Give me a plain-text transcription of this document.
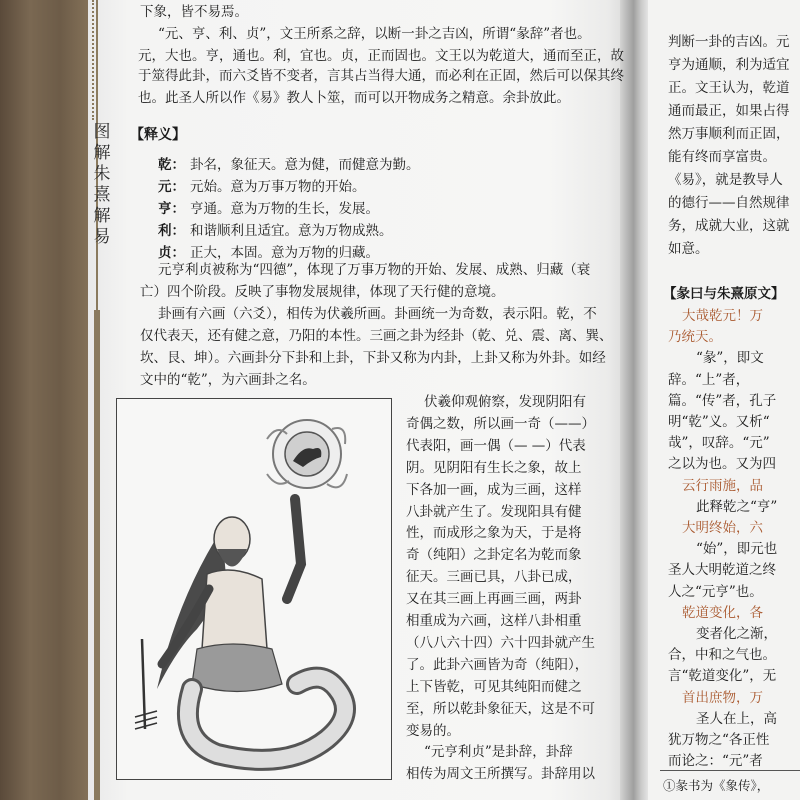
图
解
朱
熹
解
易
下象，皆不易焉。
“元、亨、利、贞”，文王所系之辞，以断一卦之吉凶，所谓“彖辞”者也。
元，大也。亨，通也。利，宜也。贞，正而固也。文王以为乾道大，通而至正，故
于筮得此卦，而六爻皆不变者，言其占当得大通，而必利在正固，然后可以保其终
也。此圣人所以作《易》教人卜筮，而可以开物成务之精意。余卦放此。
【释义】
乾： 卦名，象征天。意为健，而健意为勤。
元： 元始。意为万事万物的开始。
亨： 亨通。意为万物的生长，发展。
利： 和谐顺利且适宜。意为万物成熟。
贞： 正大，本固。意为万物的归藏。
元亨利贞被称为“四德”，体现了万事万物的开始、发展、成熟、归藏（衰
亡）四个阶段。反映了事物发展规律，体现了天行健的意境。
卦画有六画（六爻），相传为伏羲所画。卦画统一为奇数，表示阳。乾，不
仅代表天，还有健之意，乃阳的本性。三画之卦为经卦（乾、兑、震、离、巽、
坎、艮、坤）。六画卦分下卦和上卦，下卦又称为内卦，上卦又称为外卦。如经
文中的“乾”，为六画卦之名。
伏羲仰观俯察，发现阴阳有
奇偶之数，所以画一奇（——）
代表阳，画一偶（— —）代表
阴。见阴阳有生长之象，故上
下各加一画，成为三画，这样
八卦就产生了。发现阳具有健
性，而成形之象为天，于是将
奇（纯阳）之卦定名为乾而象
征天。三画已具，八卦已成，
又在其三画上再画三画，两卦
相重成为六画，这样八卦相重
（八八六十四）六十四卦就产生
了。此卦六画皆为奇（纯阳），
上下皆乾，可见其纯阳而健之
至，所以乾卦象征天，这是不可
变易的。
“元亨利贞”是卦辞，卦辞
相传为周文王所撰写。卦辞用以
判断一卦的吉凶。元
亨为通顺，利为适宜
正。文王认为，乾道
通而最正，如果占得
然万事顺利而正固，
能有终而享富贵。
《易》，就是教导人
的德行——自然规律
务，成就大业，这就
如意。
【彖曰与朱熹原文】
大哉乾元！万
乃统天。
“彖”，即文
辞。“上”者，
篇。“传”者，孔子
明“乾”义。又析“
哉”，叹辞。“元”
之以为也。又为四
云行雨施，品
此释乾之“亨”
大明终始，六
“始”，即元也
圣人大明乾道之终
人之“元亨”也。
乾道变化，各
变者化之渐，
合，中和之气也。
言“乾道变化”，无
首出庶物，万
圣人在上，高
犹万物之“各正性
而论之：“元”者
①彖书为《象传》，
